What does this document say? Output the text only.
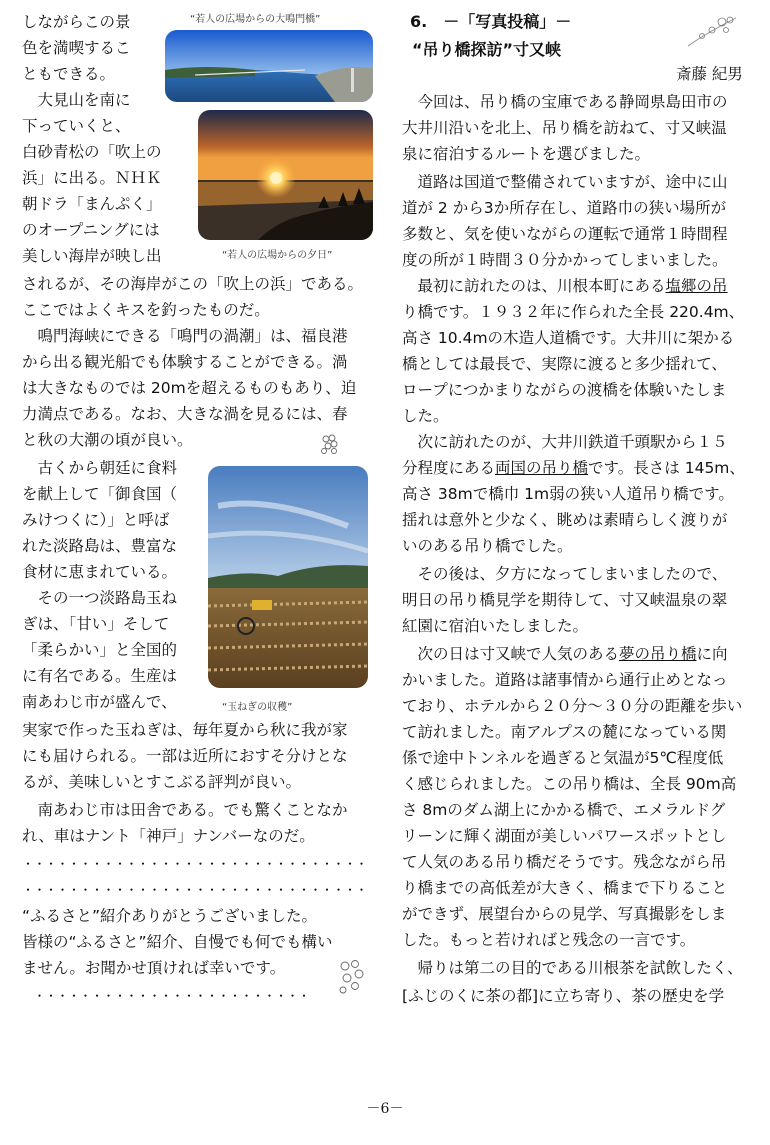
しながらこの景
色を満喫するこ
ともできる。
　大見山を南に
下っていくと、
白砂青松の「吹上の
浜」に出る。ＮＨＫ
朝ドラ「まんぷく」
のオープニングには
美しい海岸が映し出
されるが、その海岸がこの「吹上の浜」である。
ここではよくキスを釣ったものだ。
　鳴門海峡にできる「鳴門の渦潮」は、福良港
から出る観光船でも体験することができる。渦
は大きなものでは 20mを超えるものもあり、迫
力満点である。なお、大きな渦を見るには、春
と秋の大潮の頃が良い。
　古くから朝廷に食料
を献上して「御食国（
みけつくに）」と呼ば
れた淡路島は、豊富な
食材に恵まれている。
　その一つ淡路島玉ね
ぎは、「甘い」そして
「柔らかい」と全国的
に有名である。生産は
南あわじ市が盛んで、
実家で作った玉ねぎは、毎年夏から秋に我が家
にも届けられる。一部は近所におすそ分けとな
るが、美味しいとすこぶる評判が良い。
　南あわじ市は田舎である。でも驚くことなか
れ、車はナント「神戸」ナンバーなのだ。
・・・・・・・・・・・・・・・・・・・・・・・・・・・・・・
・・・・・・・・・・・・・・・・・・・・・・・・・・・・・・
“ふるさと”紹介ありがとうございました。
皆様の“ふるさと”紹介、自慢でも何でも構い
ません。お聞かせ頂ければ幸いです。
　・・・・・・・・・・・・・・・・・・・・・・・・
“若人の広場からの大鳴門橋”
“若人の広場からの夕日”
“玉ねぎの収穫”
6.　－「写真投稿」－
“吊り橋探訪”寸又峡
斎藤 紀男
　今回は、吊り橋の宝庫である静岡県島田市の
大井川沿いを北上、吊り橋を訪ねて、寸又峡温
泉に宿泊するルートを選びました。
　道路は国道で整備されていますが、途中に山
道が 2 から3か所存在し、道路巾の狭い場所が
多数と、気を使いながらの運転で通常１時間程
度の所が１時間３０分かかってしまいました。
　最初に訪れたのは、川根本町にある塩郷の吊
り橋です。１９３２年に作られた全長 220.4m、
高さ 10.4mの木造人道橋です。大井川に架かる
橋としては最長で、実際に渡ると多少揺れて、
ロープにつかまりながらの渡橋を体験いたしま
した。
　次に訪れたのが、大井川鉄道千頭駅から１５
分程度にある両国の吊り橋です。長さは 145m、
高さ 38mで橋巾 1m弱の狭い人道吊り橋です。
揺れは意外と少なく、眺めは素晴らしく渡りが
いのある吊り橋でした。
　その後は、夕方になってしまいましたので、
明日の吊り橋見学を期待して、寸又峡温泉の翠
紅園に宿泊いたしました。
　次の日は寸又峡で人気のある夢の吊り橋に向
かいました。道路は諸事情から通行止めとなっ
ており、ホテルから２０分～３０分の距離を歩い
て訪れました。南アルプスの麓になっている関
係で途中トンネルを過ぎると気温が5℃程度低
く感じられました。この吊り橋は、全長 90m高
さ 8mのダム湖上にかかる橋で、エメラルドグ
リーンに輝く湖面が美しいパワースポットとし
て人気のある吊り橋だそうです。残念ながら吊
り橋までの高低差が大きく、橋まで下りること
ができず、展望台からの見学、写真撮影をしま
した。もっと若ければと残念の一言です。
　帰りは第二の目的である川根茶を試飲したく、
[ふじのくに茶の都]に立ち寄り、茶の歴史を学
－6－
